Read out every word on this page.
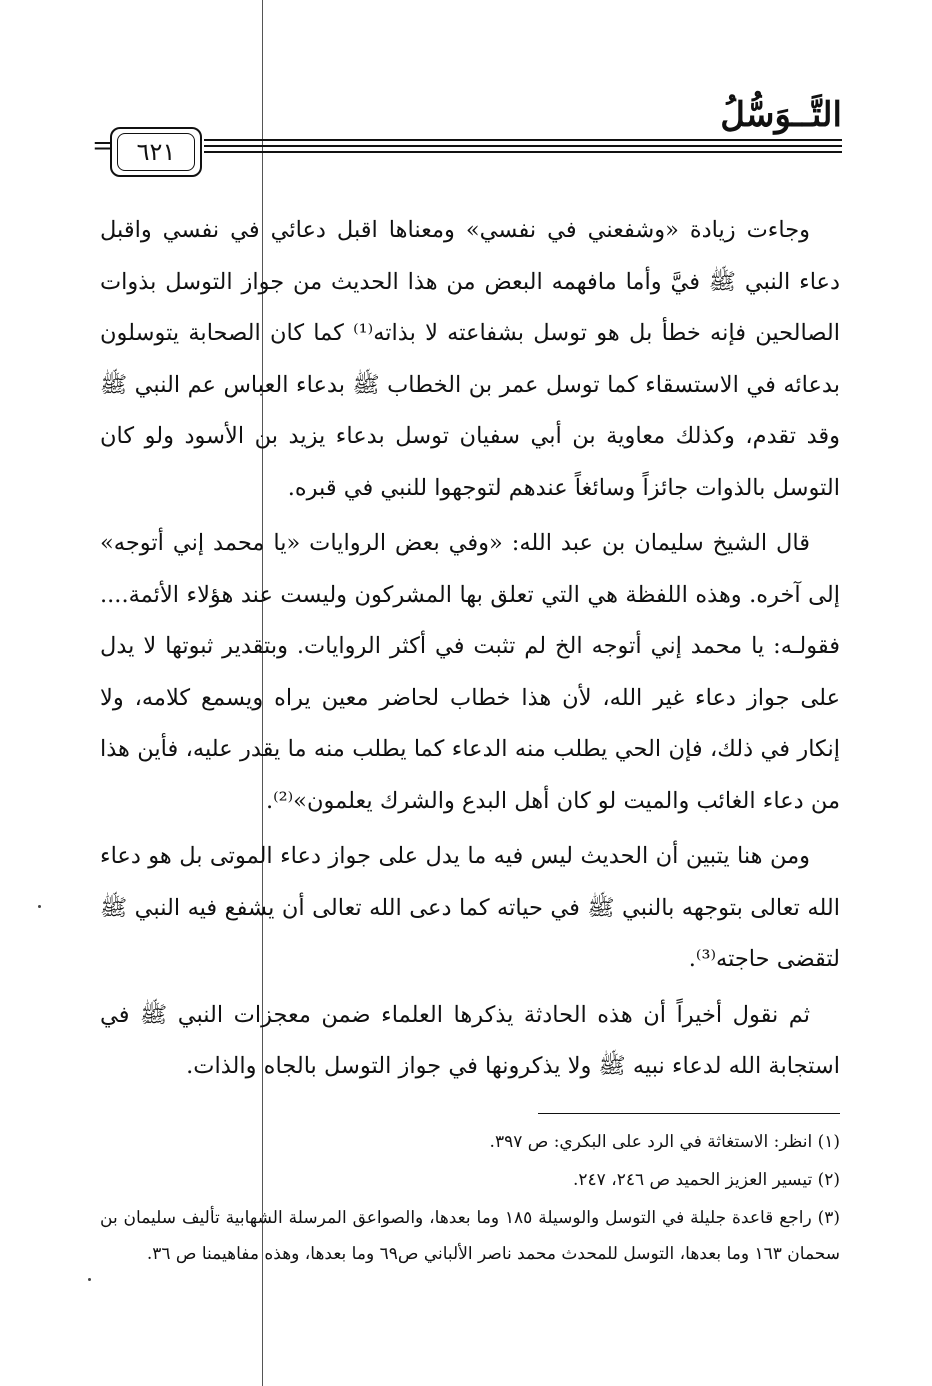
التَّــوَسُّلُ
٦٢١
=

وجاءت زيادة «وشفعني في نفسي» ومعناها اقبل دعائي في نفسي واقبل دعاء النبي ﷺ فيَّ وأما مافهمه البعض من هذا الحديث من جواز التوسل بذوات الصالحين فإنه خطأ بل هو توسل بشفاعته لا بذاته⁽¹⁾ كما كان الصحابة يتوسلون بدعائه في الاستسقاء كما توسل عمر بن الخطاب ﷺ بدعاء العباس عم النبي ﷺ وقد تقدم، وكذلك معاوية بن أبي سفيان توسل بدعاء يزيد بن الأسود ولو كان التوسل بالذوات جائزاً وسائغاً عندهم لتوجهوا للنبي في قبره.

قال الشيخ سليمان بن عبد الله: «وفي بعض الروايات «يا محمد إني أتوجه» إلى آخره. وهذه اللفظة هي التي تعلق بها المشركون وليست عند هؤلاء الأئمة.... فقولـه: يا محمد إني أتوجه الخ لم تثبت في أكثر الروايات. وبتقدير ثبوتها لا يدل على جواز دعاء غير الله، لأن هذا خطاب لحاضر معين يراه ويسمع كلامه، ولا إنكار في ذلك، فإن الحي يطلب منه الدعاء كما يطلب منه ما يقدر عليه، فأين هذا من دعاء الغائب والميت لو كان أهل البدع والشرك يعلمون»⁽²⁾.

ومن هنا يتبين أن الحديث ليس فيه ما يدل على جواز دعاء الموتى بل هو دعاء الله تعالى بتوجهه بالنبي ﷺ في حياته كما دعى الله تعالى أن يشفع فيه النبي ﷺ لتقضى حاجته⁽³⁾.

ثم نقول أخيراً أن هذه الحادثة يذكرها العلماء ضمن معجزات النبي ﷺ في استجابة الله لدعاء نبيه ﷺ ولا يذكرونها في جواز التوسل بالجاه والذات.

(١) انظر: الاستغاثة في الرد على البكري: ص ٣٩٧.

(٢) تيسير العزيز الحميد ص ٢٤٦، ٢٤٧.

(٣) راجع قاعدة جليلة في التوسل والوسيلة ١٨٥ وما بعدها، والصواعق المرسلة الشهابية تأليف سليمان بن سحمان ١٦٣ وما بعدها، التوسل للمحدث محمد ناصر الألباني ص٦٩ وما بعدها، وهذه مفاهيمنا ص ٣٦.
